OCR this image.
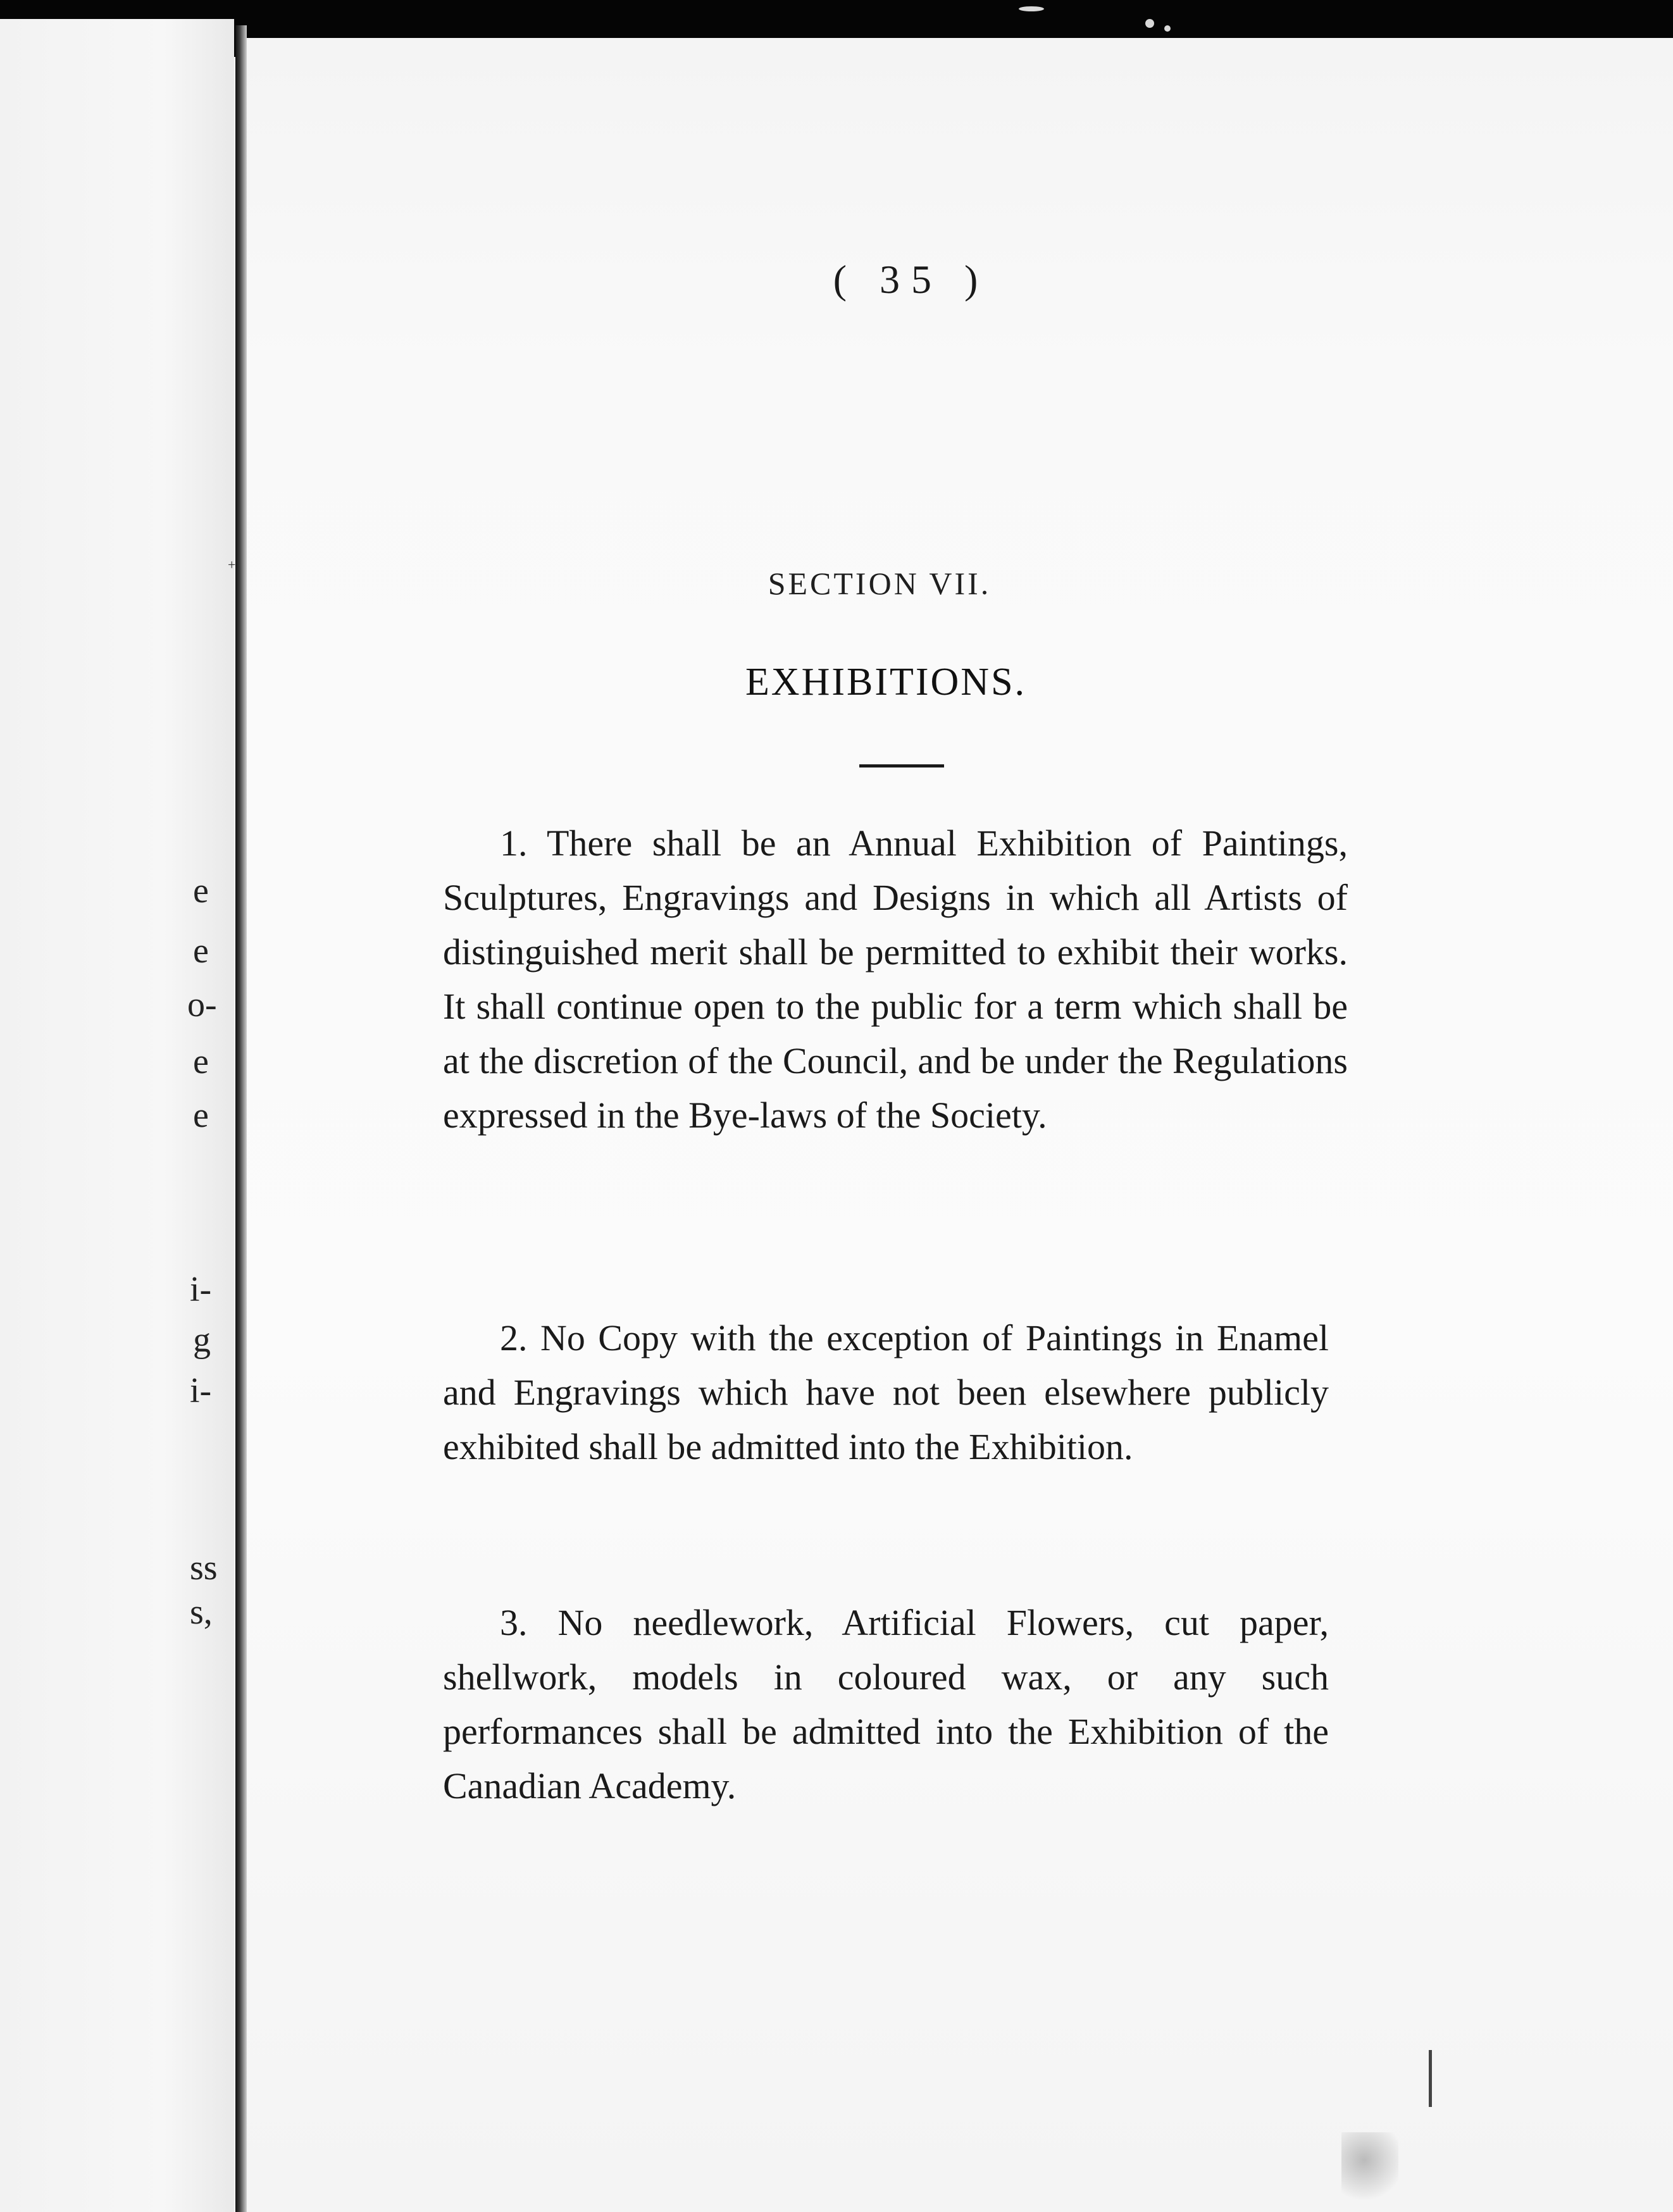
e
e
o-
e
e
i-
g
i-
ss
s,
+
( 35 )
SECTION VII.
EXHIBITIONS.

1. There shall be an Annual Exhibition of Paintings, Sculptures, Engravings and Designs in which all Artists of distinguished merit shall be permitted to exhibit their works. It shall continue open to the public for a term which shall be at the discretion of the Council, and be under the Regulations expressed in the Bye-laws of the Society.

2. No Copy with the exception of Paintings in Enamel and Engravings which have not been elsewhere publicly exhibited shall be admitted into the Exhibition.

3. No needlework, Artificial Flowers, cut paper, shellwork, models in coloured wax, or any such performances shall be admitted into the Exhibition of the Canadian Academy.
